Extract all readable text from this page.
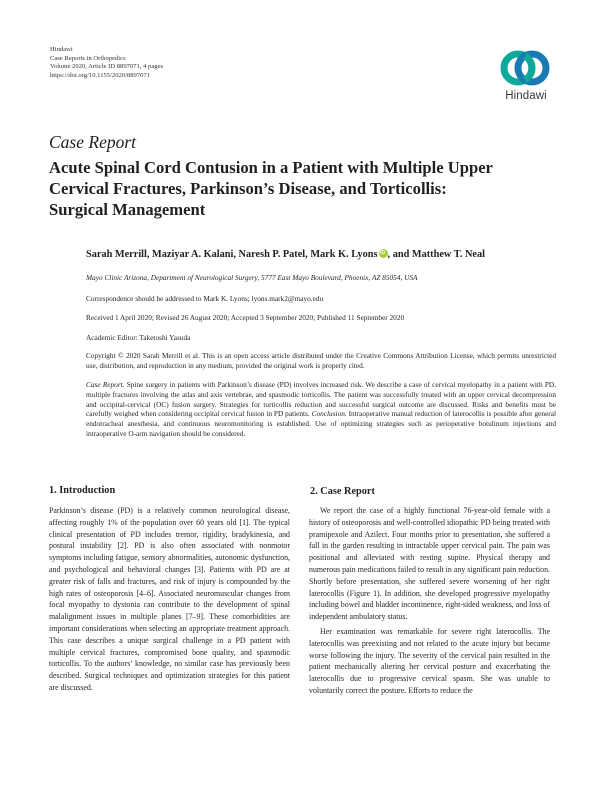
Hindawi
Case Reports in Orthopedics
Volume 2020, Article ID 8897071, 4 pages
https://doi.org/10.1155/2020/8897071
Hindawi
Case Report
Acute Spinal Cord Contusion in a Patient with Multiple Upper
Cervical Fractures, Parkinson’s Disease, and Torticollis:
Surgical Management
Sarah Merrill, Maziyar A. Kalani, Naresh P. Patel, Mark K. LyonsiD , and Matthew T. Neal
Mayo Clinic Arizona, Department of Neurological Surgery, 5777 East Mayo Boulevard, Phoenix, AZ 85054, USA
Correspondence should be addressed to Mark K. Lyons; lyons.mark2@mayo.edu
Received 1 April 2020; Revised 26 August 2020; Accepted 3 September 2020; Published 11 September 2020
Academic Editor: Taketoshi Yasuda
Copyright © 2020 Sarah Merrill et al. This is an open access article distributed under the Creative Commons Attribution License, which permits unrestricted use, distribution, and reproduction in any medium, provided the original work is properly cited.
Case Report. Spine surgery in patients with Parkinson’s disease (PD) involves increased risk. We describe a case of cervical myelopathy in a patient with PD, multiple fractures involving the atlas and axis vertebrae, and spasmodic torticollis. The patient was successfully treated with an upper cervical decompression and occipital-cervical (OC) fusion surgery. Strategies for torticollis reduction and successful surgical outcome are discussed. Risks and benefits must be carefully weighed when considering occipital cervical fusion in PD patients. Conclusion. Intraoperative manual reduction of laterocollis is possible after general endotracheal anesthesia, and continuous neuromonitoring is established. Use of optimizing strategies such as perioperative botulinum injections and intraoperative O-arm navigation should be considered.
1. Introduction	2. Case Report

Parkinson’s disease (PD) is a relatively common neurological disease, affecting roughly 1% of the population over 60 years old [1]. The typical clinical presentation of PD includes tremor, rigidity, bradykinesia, and postural instability [2]. PD is also often associated with nonmotor symptoms including fatigue, sensory abnormalities, autonomic dysfunction, and psychological and behavioral changes [3]. Patients with PD are at greater risk of falls and fractures, and risk of injury is compounded by the high rates of osteoporosis [4–6]. Associated neuromuscular changes from focal myopathy to dystonia can contribute to the development of spinal malalignment issues in multiple planes [7–9]. These comorbidities are important considerations when selecting an appropriate treatment approach. This case describes a unique surgical challenge in a PD patient with multiple cervical fractures, compromised bone quality, and spasmodic torticollis. To the authors’ knowledge, no similar case has previously been described. Surgical techniques and optimization strategies for this patient are discussed.

We report the case of a highly functional 76-year-old female with a history of osteoporosis and well-controlled idiopathic PD being treated with pramipexole and Azilect. Four months prior to presentation, she suffered a fall in the garden resulting in intractable upper cervical pain. The pain was positional and alleviated with resting supine. Physical therapy and numerous pain medications failed to result in any significant pain reduction. Shortly before presentation, she suffered severe worsening of her right laterocollis (Figure 1). In addition, she developed progressive myelopathy including bowel and bladder incontinence, right-sided weakness, and loss of independent ambulatory status.

Her examination was remarkable for severe right laterocollis. The laterocollis was preexisting and not related to the acute injury but became worse following the injury. The severity of the cervical pain resulted in the patient mechanically altering her cervical posture and exacerbating the laterocollis due to progressive cervical spasm. She was unable to voluntarily correct the posture. Efforts to reduce the
